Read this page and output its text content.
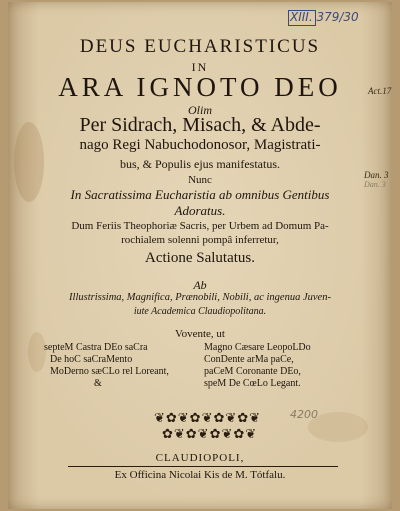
XIII. 379/30
DEUS EUCHARISTICUS
IN
ARA IGNOTO DEO
Olim
Per Sidrach, Misach, & Abde-
nago Regi Nabuchodonosor, Magistrati-
bus, & Populis ejus manifestatus.
Nunc
In Sacratissima Eucharistia ab omnibus Gentibus
Adoratus.
Dum Feriis Theophoriæ Sacris, per Urbem ad Domum Pa-
rochialem solenni pompâ inferretur,
Actione Salutatus.
Ab
Illustrissima, Magnifica, Prænobili, Nobili, ac ingenua Juven-
iute Academica Claudiopolitana.
Vovente, ut
septeM Castra DEo saCra
De hoC saCraMento
MoDerno sæCLo rel Loreant,
&
Magno Cæsare LeopoLDo
ConDente arMa paCe,
paCeM Coronante DEo,
speM De CœLo Legant.
❦✿❦✿❦✿❦✿❦
✿❦✿❦✿❦✿❦
4200
CLAUDIOPOLI,
Ex Officina Nicolai Kis de M. Tótfalu.
Act.17
Dan. 3
Dan. 3
